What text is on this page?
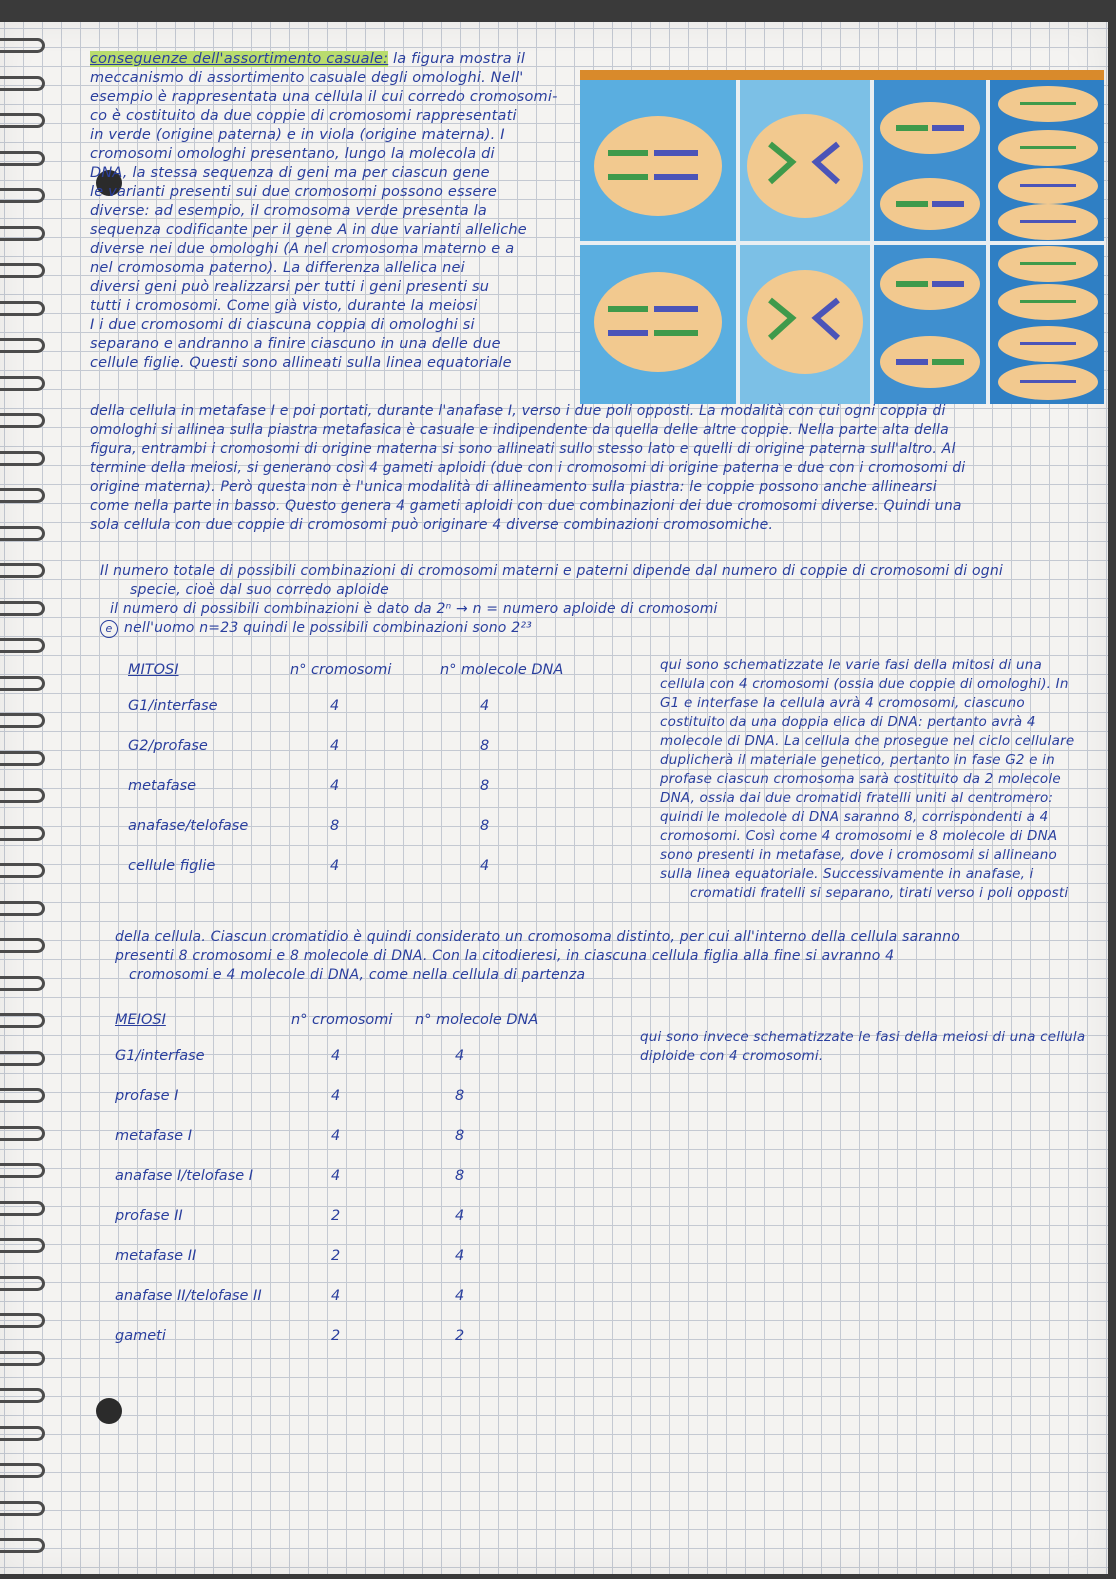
conseguenze dell'assortimento casuale: la figura mostra il

meccanismo di assortimento casuale degli omologhi. Nell'

esempio è rappresentata una cellula il cui corredo cromosomi-

co è costituito da due coppie di cromosomi rappresentati

in verde (origine paterna) e in viola (origine materna). I

cromosomi omologhi presentano, lungo la molecola di

DNA, la stessa sequenza di geni ma per ciascun gene

le varianti presenti sui due cromosomi possono essere

diverse: ad esempio, il cromosoma verde presenta la

sequenza codificante per il gene A in due varianti alleliche

diverse nei due omologhi (A nel cromosoma materno e a

nel cromosoma paterno). La differenza allelica nei

diversi geni può realizzarsi per tutti i geni presenti su

tutti i cromosomi. Come già visto, durante la meiosi

I i due cromosomi di ciascuna coppia di omologhi si

separano e andranno a finire ciascuno in una delle due

cellule figlie. Questi sono allineati sulla linea equatoriale

della cellula in metafase I e poi portati, durante l'anafase I, verso i due poli opposti. La modalità con cui ogni coppia di

omologhi si allinea sulla piastra metafasica è casuale e indipendente da quella delle altre coppie. Nella parte alta della

figura, entrambi i cromosomi di origine materna si sono allineati sullo stesso lato e quelli di origine paterna sull'altro. Al

termine della meiosi, si generano così 4 gameti aploidi (due con i cromosomi di origine paterna e due con i cromosomi di

origine materna). Però questa non è l'unica modalità di allineamento sulla piastra: le coppie possono anche allinearsi

come nella parte in basso. Questo genera 4 gameti aploidi con due combinazioni dei due cromosomi diverse. Quindi una

sola cellula con due coppie di cromosomi può originare 4 diverse combinazioni cromosomiche.

Il numero totale di possibili combinazioni di cromosomi materni e paterni dipende dal numero di coppie di cromosomi di ogni

specie, cioè dal suo corredo aploide

il numero di possibili combinazioni è dato da 2ⁿ → n = numero aploide di cromosomi

e nell'uomo n=23 quindi le possibili combinazioni sono 2²³

MITOSI	n° cromosomi	n° molecole DNA
G1/interfase	4	4
G2/profase	4	8
metafase	4	8
anafase/telofase	8	8
cellule figlie	4	4

qui sono schematizzate le varie fasi della mitosi di una

cellula con 4 cromosomi (ossia due coppie di omologhi). In

G1 e interfase la cellula avrà 4 cromosomi, ciascuno

costituito da una doppia elica di DNA: pertanto avrà 4

molecole di DNA. La cellula che prosegue nel ciclo cellulare

duplicherà il materiale genetico, pertanto in fase G2 e in

profase ciascun cromosoma sarà costituito da 2 molecole

DNA, ossia dai due cromatidi fratelli uniti al centromero:

quindi le molecole di DNA saranno 8, corrispondenti a 4

cromosomi. Così come 4 cromosomi e 8 molecole di DNA

sono presenti in metafase, dove i cromosomi si allineano

sulla linea equatoriale. Successivamente in anafase, i

cromatidi fratelli si separano, tirati verso i poli opposti

della cellula. Ciascun cromatidio è quindi considerato un cromosoma distinto, per cui all'interno della cellula saranno

presenti 8 cromosomi e 8 molecole di DNA. Con la citodieresi, in ciascuna cellula figlia alla fine si avranno 4

cromosomi e 4 molecole di DNA, come nella cellula di partenza

MEIOSI	n° cromosomi n° molecole DNA
G1/interfase	4	4
profase I	4	8
metafase I	4	8
anafase I/telofase I	4	8
profase II	2	4
metafase II	2	4
anafase II/telofase II	4	4
gameti	2	2

qui sono invece schematizzate le fasi della meiosi di una cellula

diploide con 4 cromosomi.
